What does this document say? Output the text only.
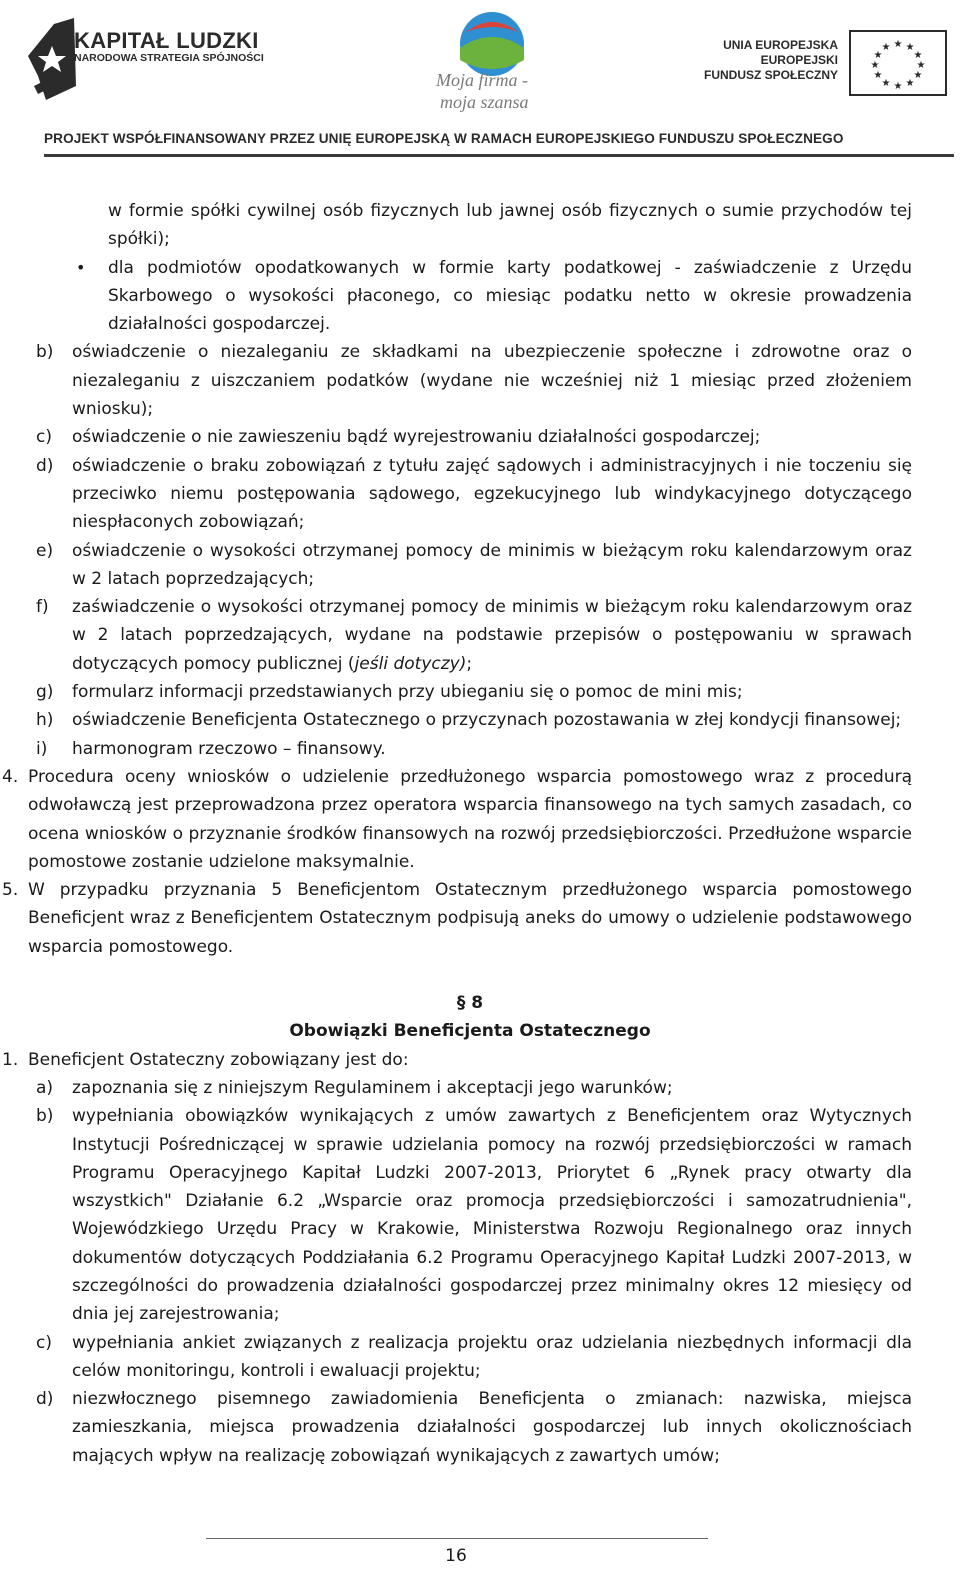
KAPITAŁ LUDZKI
NARODOWA STRATEGIA SPÓJNOŚCI
Moja firma -
moja szansa
UNIA EUROPEJSKA
EUROPEJSKI
FUNDUSZ SPOŁECZNY
★ ★
★
★
★
★
★
★
★
★
★
★
PROJEKT WSPÓŁFINANSOWANY PRZEZ UNIĘ EUROPEJSKĄ W RAMACH EUROPEJSKIEGO FUNDUSZU SPOŁECZNEGO
w formie spółki cywilnej osób fizycznych lub jawnej osób fizycznych o sumie przychodów tej spółki);
• dla podmiotów opodatkowanych w formie karty podatkowej - zaświadczenie z Urzędu Skarbowego o wysokości płaconego, co miesiąc podatku netto w okresie prowadzenia działalności gospodarczej.
b) oświadczenie o niezaleganiu ze składkami na ubezpieczenie społeczne i zdrowotne oraz o niezaleganiu z uiszczaniem podatków (wydane nie wcześniej niż 1 miesiąc przed złożeniem wniosku);
c) oświadczenie o nie zawieszeniu bądź wyrejestrowaniu działalności gospodarczej;
d) oświadczenie o braku zobowiązań z tytułu zajęć sądowych i administracyjnych i nie toczeniu się przeciwko niemu postępowania sądowego, egzekucyjnego lub windykacyjnego dotyczącego niespłaconych zobowiązań;
e) oświadczenie o wysokości otrzymanej pomocy de minimis w bieżącym roku kalendarzowym oraz w 2 latach poprzedzających;
f) zaświadczenie o wysokości otrzymanej pomocy de minimis w bieżącym roku kalendarzowym oraz w 2 latach poprzedzających, wydane na podstawie przepisów o postępowaniu w sprawach dotyczących pomocy publicznej (jeśli dotyczy);
g) formularz informacji przedstawianych przy ubieganiu się o pomoc de mini mis;
h) oświadczenie Beneficjenta Ostatecznego o przyczynach pozostawania w złej kondycji finansowej;
i) harmonogram rzeczowo – finansowy.
4. Procedura oceny wniosków o udzielenie przedłużonego wsparcia pomostowego wraz z procedurą odwoławczą jest przeprowadzona przez operatora wsparcia finansowego na tych samych zasadach, co ocena wniosków o przyznanie środków finansowych na rozwój przedsiębiorczości. Przedłużone wsparcie pomostowe zostanie udzielone maksymalnie.
5. W przypadku przyznania 5 Beneficjentom Ostatecznym przedłużonego wsparcia pomostowego Beneficjent wraz z Beneficjentem Ostatecznym podpisują aneks do umowy o udzielenie podstawowego wsparcia pomostowego.
§ 8
Obowiązki Beneficjenta Ostatecznego
1. Beneficjent Ostateczny zobowiązany jest do:
a) zapoznania się z niniejszym Regulaminem i akceptacji jego warunków;
b) wypełniania obowiązków wynikających z umów zawartych z Beneficjentem oraz Wytycznych Instytucji Pośredniczącej w sprawie udzielania pomocy na rozwój przedsiębiorczości w ramach Programu Operacyjnego Kapitał Ludzki 2007-2013, Priorytet 6 „Rynek pracy otwarty dla wszystkich" Działanie 6.2 „Wsparcie oraz promocja przedsiębiorczości i samozatrudnienia", Wojewódzkiego Urzędu Pracy w Krakowie, Ministerstwa Rozwoju Regionalnego oraz innych dokumentów dotyczących Poddziałania 6.2 Programu Operacyjnego Kapitał Ludzki 2007-2013, w szczególności do prowadzenia działalności gospodarczej przez minimalny okres 12 miesięcy od dnia jej zarejestrowania;
c) wypełniania ankiet związanych z realizacja projektu oraz udzielania niezbędnych informacji dla celów monitoringu, kontroli i ewaluacji projektu;
d) niezwłocznego pisemnego zawiadomienia Beneficjenta o zmianach: nazwiska, miejsca zamieszkania, miejsca prowadzenia działalności gospodarczej lub innych okolicznościach mających wpływ na realizację zobowiązań wynikających z zawartych umów;
16
